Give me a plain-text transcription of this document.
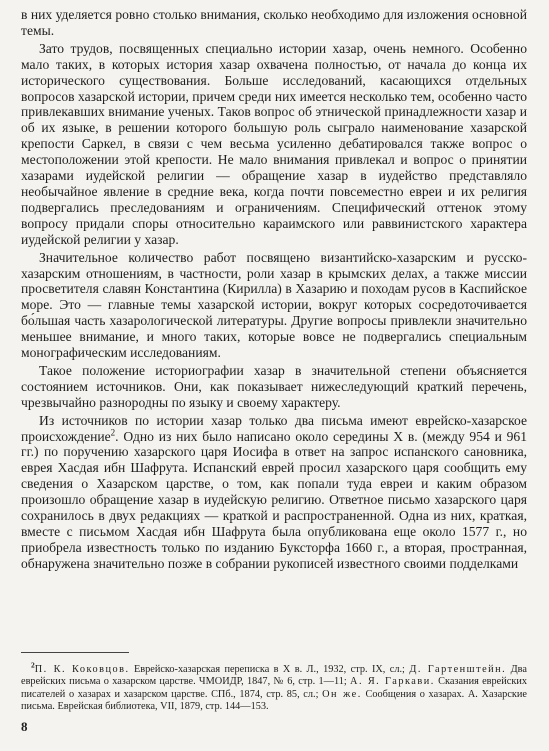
в них уделяется ровно столько внимания, сколько необходимо для изложения основной темы.

Зато трудов, посвященных специально истории хазар, очень немного. Особенно мало таких, в которых история хазар охвачена полностью, от начала до конца их исторического существования. Больше исследований, касающихся отдельных вопросов хазарской истории, причем среди них имеется несколько тем, особенно часто привлекавших внимание ученых. Таков вопрос об этнической принадлежности хазар и об их языке, в решении которого большую роль сыграло наименование хазарской крепости Саркел, в связи с чем весьма усиленно дебатировался также вопрос о местоположении этой крепости. Не мало внимания привлекал и вопрос о принятии хазарами иудейской религии — обращение хазар в иудейство представляло необычайное явление в средние века, когда почти повсеместно евреи и их религия подвергались преследованиям и ограничениям. Специфический оттенок этому вопросу придали споры относительно караимского или раввинистского характера иудейской религии у хазар.

Значительное количество работ посвящено византийско-хазарским и русско-хазарским отношениям, в частности, роли хазар в крымских делах, а также миссии просветителя славян Константина (Кирилла) в Хазарию и походам русов в Каспийское море. Это — главные темы хазарской истории, вокруг которых сосредоточивается бо́льшая часть хазарологической литературы. Другие вопросы привлекли значительно меньшее внимание, и много таких, которые вовсе не подвергались специальным монографическим исследованиям.

Такое положение историографии хазар в значительной степени объясняется состоянием источников. Они, как показывает нижеследующий краткий перечень, чрезвычайно разнородны по языку и своему характеру.

Из источников по истории хазар только два письма имеют еврейско-хазарское происхождение$^2$. Одно из них было написано около середины X в. (между 954 и 961 гг.) по поручению хазарского царя Иосифа в ответ на запрос испанского сановника, еврея Хасдая ибн Шафрута. Испанский еврей просил хазарского царя сообщить ему сведения о Хазарском царстве, о том, как попали туда евреи и каким образом произошло обращение хазар в иудейскую религию. Ответное письмо хазарского царя сохранилось в двух редакциях — краткой и распространенной. Одна из них, краткая, вместе с письмом Хасдая ибн Шафрута была опубликована еще около 1577 г., но приобрела известность только по изданию Буксторфа 1660 г., а вторая, пространная, обнаружена значительно позже в собрании рукописей известного своими подделками

$^2$П. К. Коковцов. Еврейско-хазарская переписка в X в. Л., 1932, стр. IX, сл.; Д. Гартенштейн. Два еврейских письма о хазарском царстве. ЧМОИДР, 1847, № 6, стр. 1—11; А. Я. Гаркави. Сказания еврейских писателей о хазарах и хазарском царстве. СПб., 1874, стр. 85, сл.; Он же. Сообщения о хазарах. А. Хазарские письма. Еврейская библиотека, VII, 1879, стр. 144—153.

8
